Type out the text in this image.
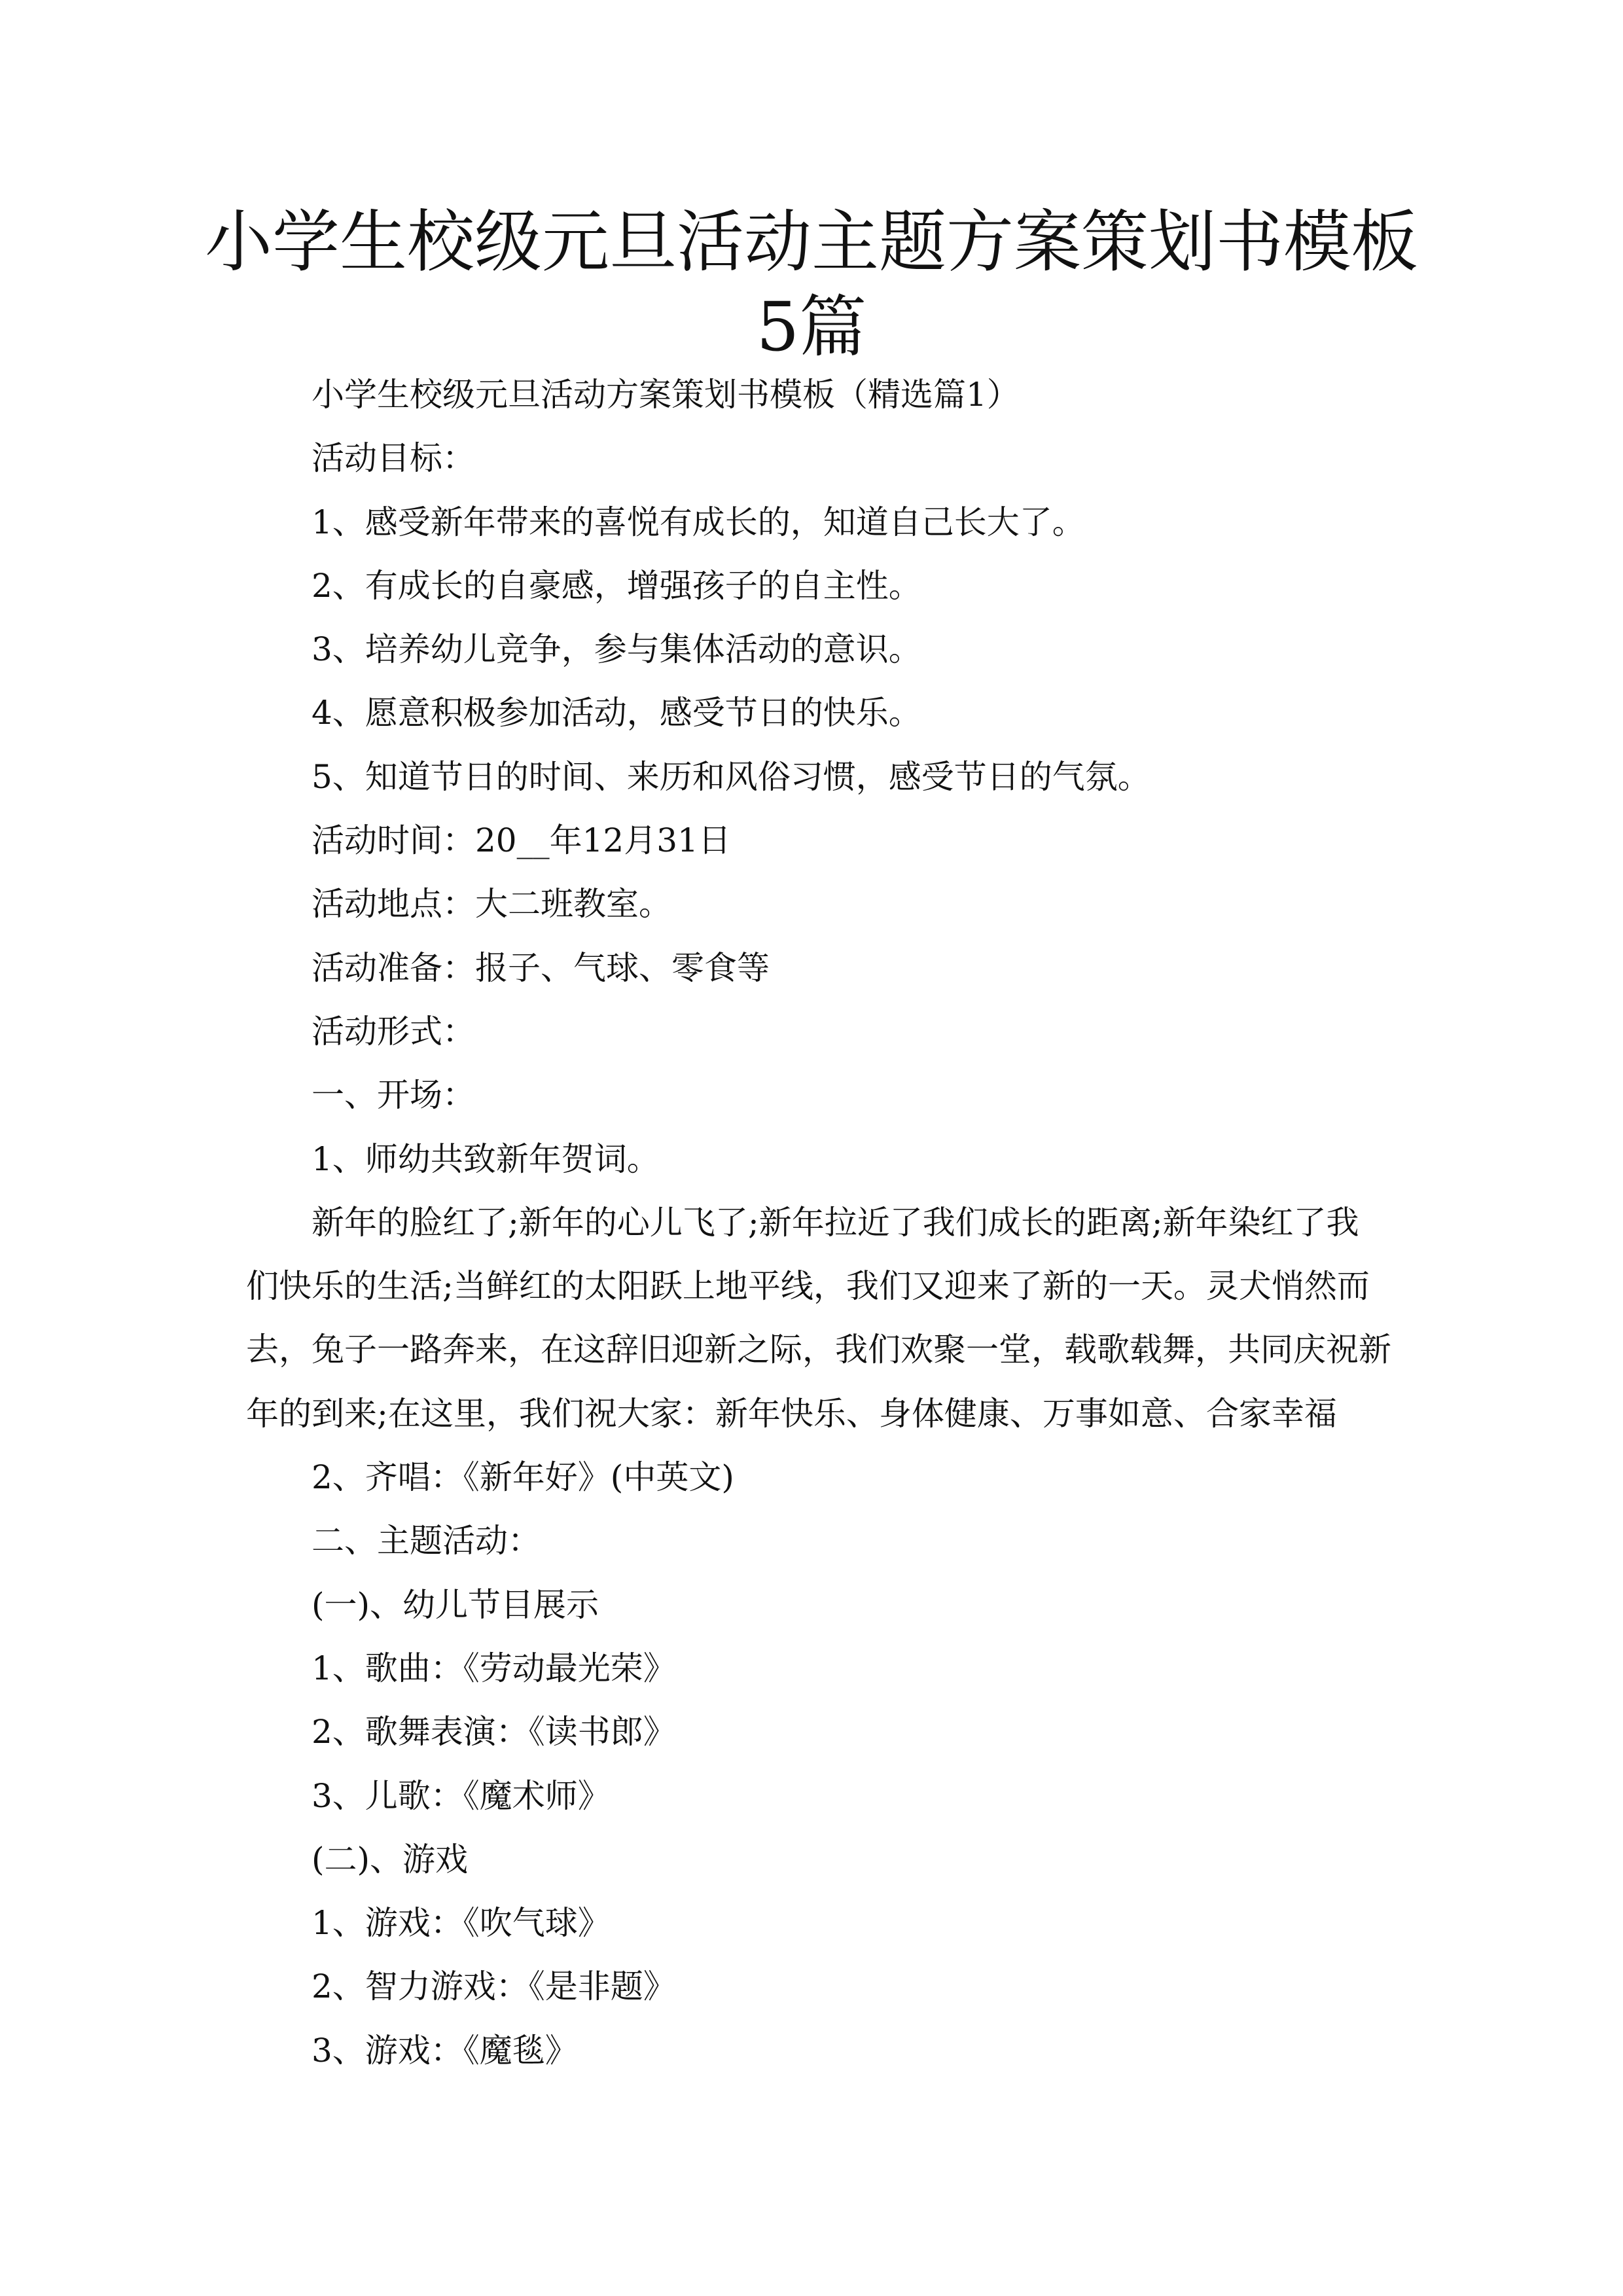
小学生校级元旦活动主题方案策划书模板
5篇
小学生校级元旦活动方案策划书模板（精选篇1）
活动目标：
1、感受新年带来的喜悦有成长的，知道自己长大了。
2、有成长的自豪感，增强孩子的自主性。
3、培养幼儿竞争，参与集体活动的意识。
4、愿意积极参加活动，感受节日的快乐。
5、知道节日的时间、来历和风俗习惯，感受节日的气氛。
活动时间：20__年12月31日
活动地点：大二班教室。
活动准备：报子、气球、零食等
活动形式：
一、开场：
1、师幼共致新年贺词。
新年的脸红了;新年的心儿飞了;新年拉近了我们成长的距离;新年染红了我
们快乐的生活;当鲜红的太阳跃上地平线，我们又迎来了新的一天。灵犬悄然而
去，兔子一路奔来，在这辞旧迎新之际，我们欢聚一堂，载歌载舞，共同庆祝新
年的到来;在这里，我们祝大家：新年快乐、身体健康、万事如意、合家幸福
2、齐唱：《新年好》(中英文)
二、主题活动：
(一)、幼儿节目展示
1、歌曲：《劳动最光荣》
2、歌舞表演：《读书郎》
3、儿歌：《魔术师》
(二)、游戏
1、游戏：《吹气球》
2、智力游戏：《是非题》
3、游戏：《魔毯》
